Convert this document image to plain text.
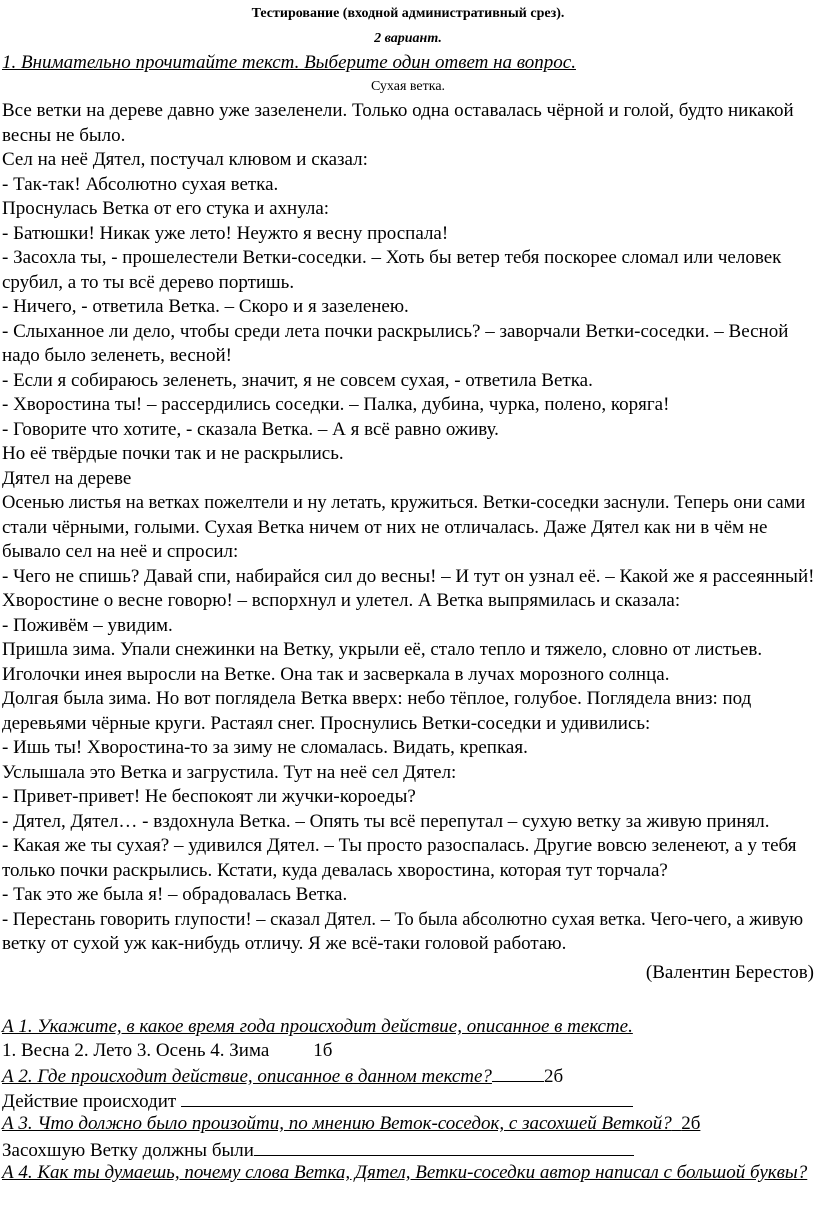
Тестирование (входной административный срез).
2 вариант.
1. Внимательно прочитайте текст. Выберите один ответ на вопрос.
Сухая ветка.
Все ветки на дереве давно уже зазеленели. Только одна оставалась чёрной и голой, будто никакой
весны не было.
Сел на неё Дятел, постучал клювом и сказал:
- Так-так! Абсолютно сухая ветка.
Проснулась Ветка от его стука и ахнула:
- Батюшки! Никак уже лето! Неужто я весну проспала!
- Засохла ты, - прошелестели Ветки-соседки. – Хоть бы ветер тебя поскорее сломал или человек
срубил, а то ты всё дерево портишь.
- Ничего, - ответила Ветка. – Скоро и я зазеленею.
- Слыханное ли дело, чтобы среди лета почки раскрылись? – заворчали Ветки-соседки. – Весной
надо было зеленеть, весной!
- Если я собираюсь зеленеть, значит, я не совсем сухая, - ответила Ветка.
- Хворостина ты! – рассердились соседки. – Палка, дубина, чурка, полено, коряга!
- Говорите что хотите, - сказала Ветка. – А я всё равно оживу.
Но её твёрдые почки так и не раскрылись.
Дятел на дереве
Осенью листья на ветках пожелтели и ну летать, кружиться. Ветки-соседки заснули. Теперь они сами
стали чёрными, голыми. Сухая Ветка ничем от них не отличалась. Даже Дятел как ни в чём не
бывало сел на неё и спросил:
- Чего не спишь? Давай спи, набирайся сил до весны! – И тут он узнал её. – Какой же я рассеянный!
Хворостине о весне говорю! – вспорхнул и улетел. А Ветка выпрямилась и сказала:
- Поживём – увидим.
Пришла зима. Упали снежинки на Ветку, укрыли её, стало тепло и тяжело, словно от листьев.
Иголочки инея выросли на Ветке. Она так и засверкала в лучах морозного солнца.
Долгая была зима. Но вот поглядела Ветка вверх: небо тёплое, голубое. Поглядела вниз: под
деревьями чёрные круги. Растаял снег. Проснулись Ветки-соседки и удивились:
- Ишь ты! Хворостина-то за зиму не сломалась. Видать, крепкая.
Услышала это Ветка и загрустила. Тут на неё сел Дятел:
- Привет-привет! Не беспокоят ли жучки-короеды?
- Дятел, Дятел… - вздохнула Ветка. – Опять ты всё перепутал – сухую ветку за живую принял.
- Какая же ты сухая? – удивился Дятел. – Ты просто разоспалась. Другие вовсю зеленеют, а у тебя
только почки раскрылись. Кстати, куда девалась хворостина, которая тут торчала?
- Так это же была я! – обрадовалась Ветка.
- Перестань говорить глупости! – сказал Дятел. – То была абсолютно сухая ветка. Чего-чего, а живую
ветку от сухой уж как-нибудь отличу. Я же всё-таки головой работаю.
(Валентин Берестов)
А 1. Укажите, в какое время года происходит действие, описанное в тексте.
1. Весна 2. Лето 3. Осень 4. Зима 1б
А 2. Где происходит действие, описанное в данном тексте?	2б
Действие происходит
А 3. Что должно было произойти, по мнению Веток-соседок, с засохшей Веткой? 2б
Засохшую Ветку должны были
А 4. Как ты думаешь, почему слова Ветка, Дятел, Ветки-соседки автор написал с большой буквы?
